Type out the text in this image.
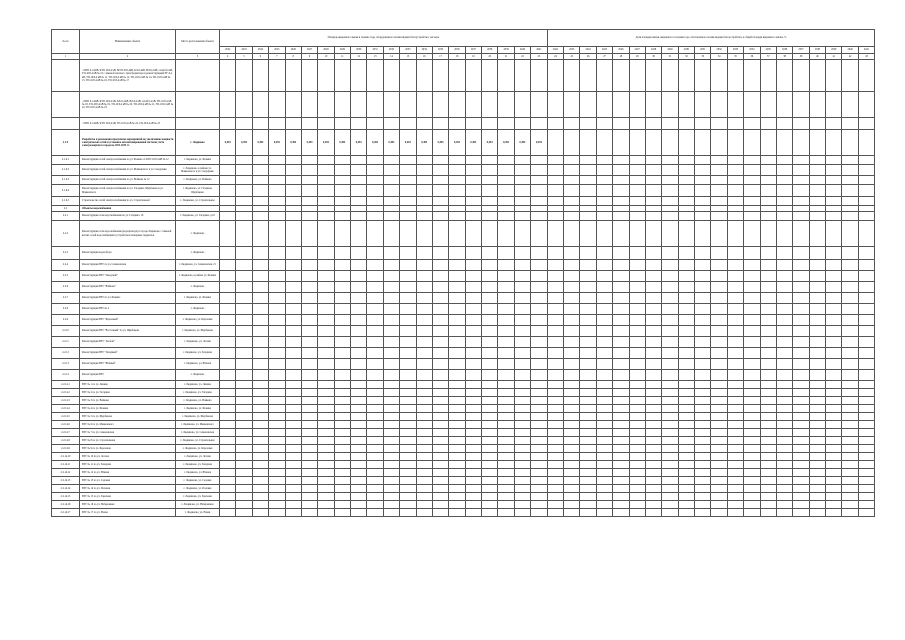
№ пп	Наименование объекта	Место расположения объекта	Площадь введенного жилья в течение года, оборудованного всеми видами благоустройства, тыс.кв.м																				Доля площади жилья, введенного в течение года, обеспеченного всеми видами благоустройства, в общей площади введенного жилья, %																			
			2022	2023	2024	2025	2026	2027	2028	2029	2030	2031	2032	2033	2034	2035	2036	2037	2038	2039	2040	2041	2022	2023	2024	2025	2026	2027	2028	2029	2030	2031	2032	2033	2034	2035	2036	2037	2038	2039	2040	2041
1	2	3	4	5	6	7	8	9	10	11	12	13	14	15	16	17	18	19	20	21	22	23	24	25	26	27	28	29	30	31	32	33	34	35	36	37	38	39	40	41	42	43
	- МТП 0-4 0кВ, КТП 10/0,4 кВ, МТП 10/0,4кВ, КЛ-0,4кВ, ВЛ-0,4 кВ; сетей 0,4 кВ, ТП-10/0,4 кВ № 10 с заменой силового трансформатора и реконструкцией РУ-0,4 кВ, ТП-10/0,4 кВ № 11, ТП-10/0,4 кВ № 12, ТП-10/0,4 кВ № 14, ТП-10/0,4 кВ № 15, ТП-10/0,4 кВ № 16, ТП-10/0,4 кВ № 17																																									
	- МТП 0-4 0кВ, КТП 10/0,4 кВ, КЛ-0,4 кВ, ВЛ-0,4 кВ; сетей 0,4 кВ, ТП-10/0,4 кВ № 18, ТП-10/0,4 кВ № 19, ТП-10/0,4 кВ № 20, ТП-10/0,4 кВ № 21, ТП-10/0,4 кВ № 22, ТП-10/0,4 кВ № 23																																									
	- МТП 0-4 0кВ, КТП 10/0,4 кВ, ТП-10/0,4 кВ № 24, ТП-10/0,4 кВ № 25																																									
2.1.9	Разработка и реализация программы мероприятий по увеличению мощности электрических сетей и установка автоматизированной системы учета электроэнергии в городе на 2022-2035 гг.	г. Людиново	0,494	0,494	0,494	0,494	0,494	0,494	0,494	0,494	0,494	0,494	0,494	0,494	0,494	0,494	0,494	0,494	0,494	0,494	0,494	0,494																				
2.1.9.1	Реконструкция сетей электроснабжения по ул. Фокина от КТП 10/0,4 кВ № 12	г. Людиново, ул. Фокина																																								
2.1.9.2	Реконструкция сетей электроснабжения по ул. Маяковского и ул. Сыдоренко	г. Людиново, в районе ул. Маяковского и ул. Сыдоренко																																								
2.1.9.3	Реконструкция сетей электроснабжения по ул. Войкова № 12	г. Людиново, ул. Войкова																																								
2.1.9.4	Реконструкция сетей электроснабжения по ул. Гагарина, Щербакова и ул. Маяковского	г. Людиново, ул. Гагарина, Щербакова																																								
2.1.9.5	Строительство сетей электроснабжения по ул. Строительной	г. Людиново, ул. Строительная																																								
2.2	Объекты водоснабжения																																									
2.2.1	Реконструкция сети водоснабжения по ул. Гагарина, 18	г. Людиново, ул. Гагарина, д.18																																								
2.2.2	Реконструкция сети водоснабжения (водопровода) в городе Людиново с заменой ветхих сетей водоснабжения и устройством пожарных гидрантов	г. Людиново																																								
2.2.3	Реконструкция водозабора	г. Людиново																																								
2.2.4	Реконструкция ВЗУ по ул. Семеновская	г. Людиново, ул. Семеновская, 21																																								
2.2.5	Реконструкция ВЗУ "Заводской"	г. Людиново, в районе ул. Фокина																																								
2.2.6	Реконструкция ВЗУ "Войкова"	г. Людиново																																								
2.2.7	Реконструкция ВЗУ по ул. Фокина	г. Людиново, ул. Фокина																																								
2.2.8	Реконструкция ВЗУ № 2	г. Людиново																																								
2.2.9	Реконструкция ВЗУ "Березовый"	г. Людиново, ул. Березовая																																								
2.2.10	Реконструкция ВЗУ "Восточный" по ул. Щербакова	г. Людиново, ул. Щербакова																																								
2.2.11	Реконструкция ВЗУ "Лесной"	г. Людиново, ул. Лесная																																								
2.2.12	Реконструкция ВЗУ "Западный"	г. Людиново, ул. Западная																																								
2.2.13	Реконструкция ВЗУ "Южный"	г. Людиново, ул. Южная																																								
2.2.14	Реконструкция ВЗУ	г. Людиново																																								
2.2.14.1	ВЗУ № 1 по ул. Ленина	г. Людиново, ул. Ленина																																								
2.2.14.2	ВЗУ № 2 по ул. Гагарина	г. Людиново, ул. Гагарина																																								
2.2.14.3	ВЗУ № 3 по ул. Войкова	г. Людиново, ул. Войкова																																								
2.2.14.4	ВЗУ № 4 по ул. Фокина	г. Людиново, ул. Фокина																																								
2.2.14.5	ВЗУ № 5 по ул. Щербакова	г. Людиново, ул. Щербакова																																								
2.2.14.6	ВЗУ № 6 по ул. Маяковского	г. Людиново, ул. Маяковского																																								
2.2.14.7	ВЗУ № 7 по ул. Семеновская	г. Людиново, ул. Семеновская																																								
2.2.14.8	ВЗУ № 8 по ул. Строительная	г. Людиново, ул. Строительная																																								
2.2.14.9	ВЗУ № 9 по ул. Березовая	г. Людиново, ул. Березовая																																								
2.2.14.10	ВЗУ № 10 по ул. Лесная	г. Людиново, ул. Лесная																																								
2.2.14.11	ВЗУ № 11 по ул. Западная	г. Людиново, ул. Западная																																								
2.2.14.12	ВЗУ № 12 по ул. Южная	г. Людиново, ул. Южная																																								
2.2.14.13	ВЗУ № 13 по ул. Садовая	г. Людиново, ул. Садовая																																								
2.2.14.14	ВЗУ № 14 по ул. Полевая	г. Людиново, ул. Полевая																																								
2.2.14.15	ВЗУ № 15 по ул. Заречная	г. Людиново, ул. Заречная																																								
2.2.14.16	ВЗУ № 16 по ул. Набережная	г. Людиново, ул. Набережная																																								
2.2.14.17	ВЗУ № 17 по ул. Новая	г. Людиново, ул. Новая																																								
